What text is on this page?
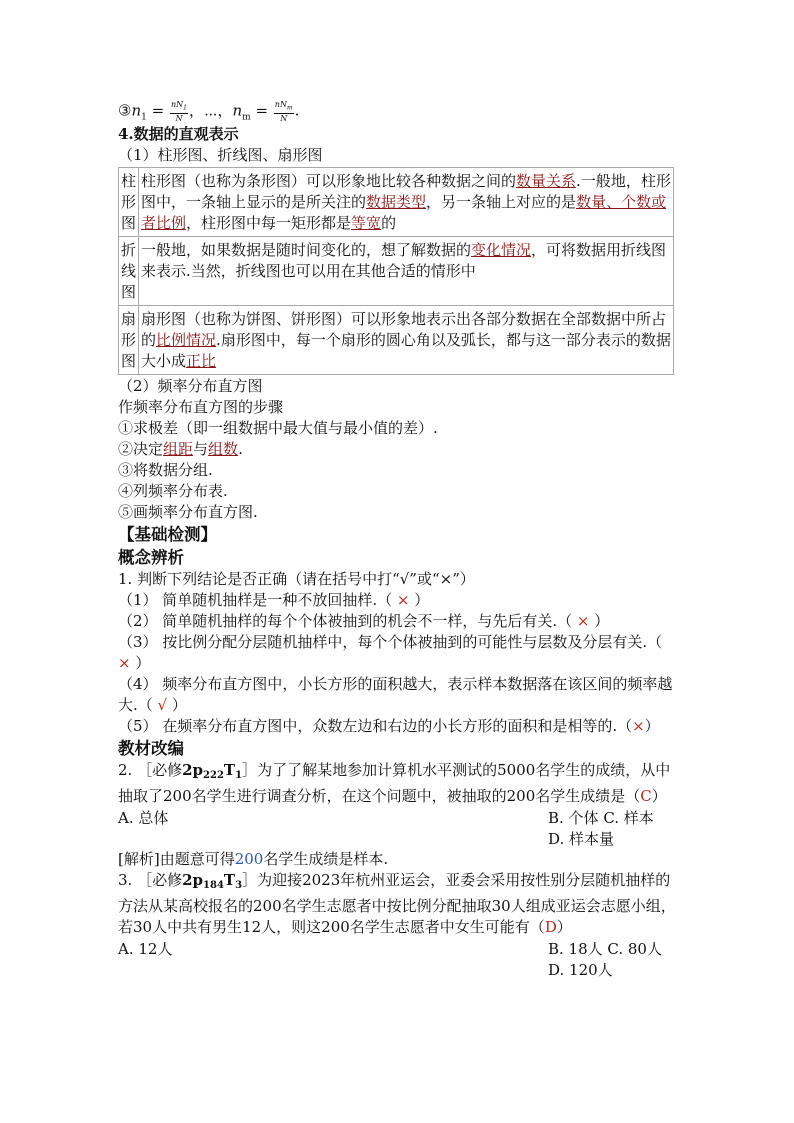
$③n_1 = \frac{nN_1}{N}$ ，⋯，$n_m = \frac{nN_m}{N}$ .
4.数据的直观表示
（1）柱形图、折线图、扇形图
柱形图	柱形图（也称为条形图）可以形象地比较各种数据之间的数量关系.一般地，柱形图中，一条轴上显示的是所关注的数据类型，另一条轴上对应的是数量、个数或者比例，柱形图中每一矩形都是等宽的
折线图	一般地，如果数据是随时间变化的，想了解数据的变化情况，可将数据用折线图来表示.当然，折线图也可以用在其他合适的情形中
扇形图	扇形图（也称为饼图、饼形图）可以形象地表示出各部分数据在全部数据中所占的比例情况.扇形图中，每一个扇形的圆心角以及弧长，都与这一部分表示的数据大小成正比
（2）频率分布直方图
作频率分布直方图的步骤
①求极差（即一组数据中最大值与最小值的差）.
②决定组距与组数.
③将数据分组.
④列频率分布表.
⑤画频率分布直方图.
【基础检测】
概念辨析
1. 判断下列结论是否正确（请在括号中打“√”或“×”）
（1） 简单随机抽样是一种不放回抽样.（ × ）
（2） 简单随机抽样的每个个体被抽到的机会不一样，与先后有关.（ × ）
（3） 按比例分配分层随机抽样中，每个个体被抽到的可能性与层数及分层有关.（ × ）
（4） 频率分布直方图中，小长方形的面积越大，表示样本数据落在该区间的频率越大.（ √ ）
（5） 在频率分布直方图中，众数左边和右边的小长方形的面积和是相等的.（×）
教材改编
2. ［必修$2p_{222}T_1]$为了了解某地参加计算机水平测试的5000名学生的成绩，从中抽取了200名学生进行调查分析，在这个问题中，被抽取的200名学生成绩是（C）
A. 总体	B. 个体 C. 样本
D. 样本量
[解析]由题意可得200名学生成绩是样本.
3. ［必修$2p_{184}T_3]$为迎接2023年杭州亚运会，亚委会采用按性别分层随机抽样的方法从某高校报名的200名学生志愿者中按比例分配抽取30人组成亚运会志愿小组，若30人中共有男生12人，则这200名学生志愿者中女生可能有（D）
A. 12人	B. 18人 C. 80人
D. 120人
